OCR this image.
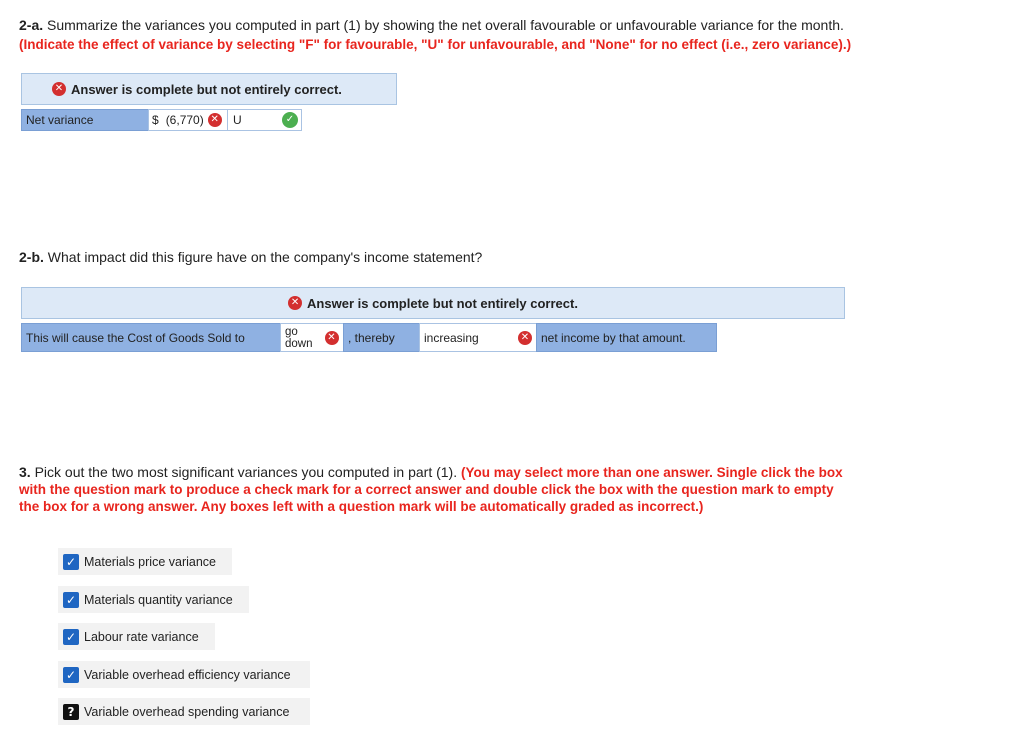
2-a. Summarize the variances you computed in part (1) by showing the net overall favourable or unfavourable variance for the month.
(Indicate the effect of variance by selecting "F" for favourable, "U" for unfavourable, and "None" for no effect (i.e., zero variance).)
✕ Answer is complete but not entirely correct.
Net variance	$ (6,770) ✕ U	✓
2-b. What impact did this figure have on the company's income statement?
✕ Answer is complete but not entirely correct.
This will cause the Cost of Goods Sold to	go
down
✕ , thereby increasing	✕ net income by that amount.
3. Pick out the two most significant variances you computed in part (1). (You may select more than one answer. Single click the box
with the question mark to produce a check mark for a correct answer and double click the box with the question mark to empty
the box for a wrong answer. Any boxes left with a question mark will be automatically graded as incorrect.)
✓ Materials price variance
✓ Materials quantity variance
✓ Labour rate variance
✓ Variable overhead efficiency variance
? Variable overhead spending variance
